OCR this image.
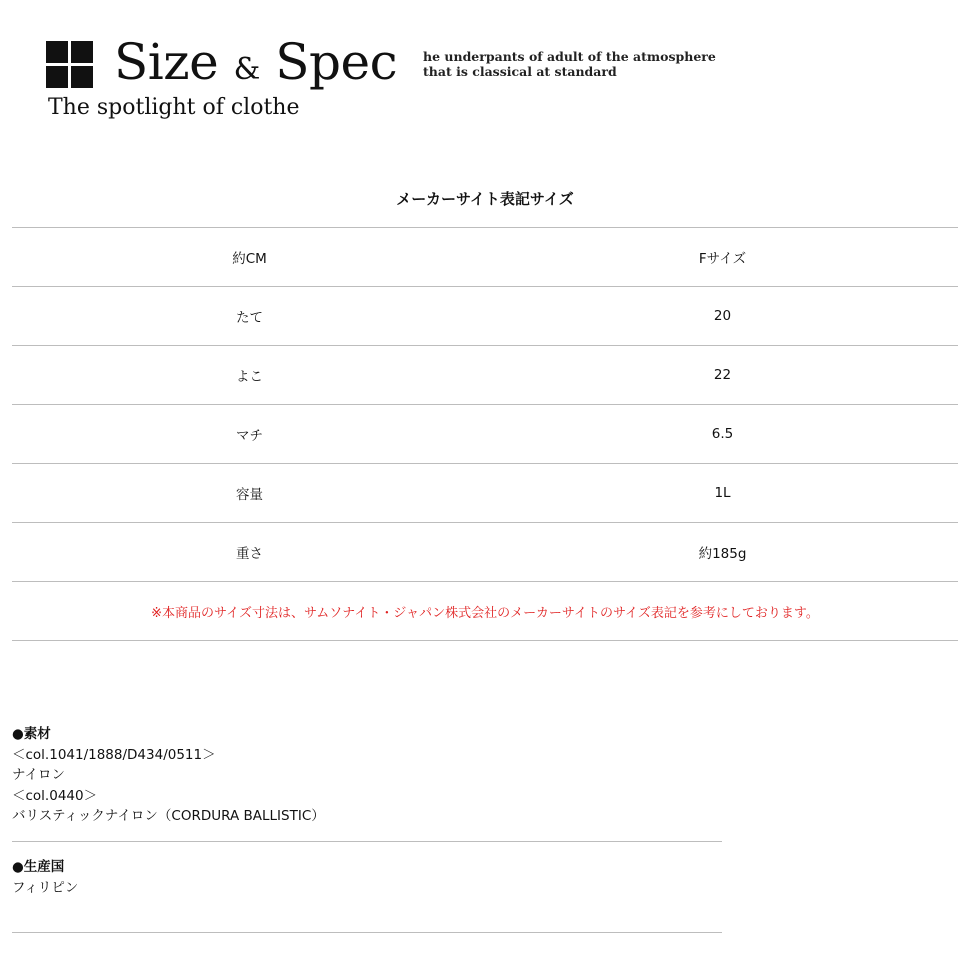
Size & Spec
The spotlight of clothe
he underpants of adult of the atmosphere
that is classical at standard
メーカーサイト表記サイズ
約CM	Fサイズ
たて	20
よこ	22
マチ	6.5
容量	1L
重さ	約185g
※本商品のサイズ寸法は、サムソナイト・ジャパン株式会社のメーカーサイトのサイズ表記を参考にしております。
●素材
＜col.1041/1888/D434/0511＞
ナイロン
＜col.0440＞
バリスティックナイロン（CORDURA BALLISTIC）
●生産国
フィリピン
